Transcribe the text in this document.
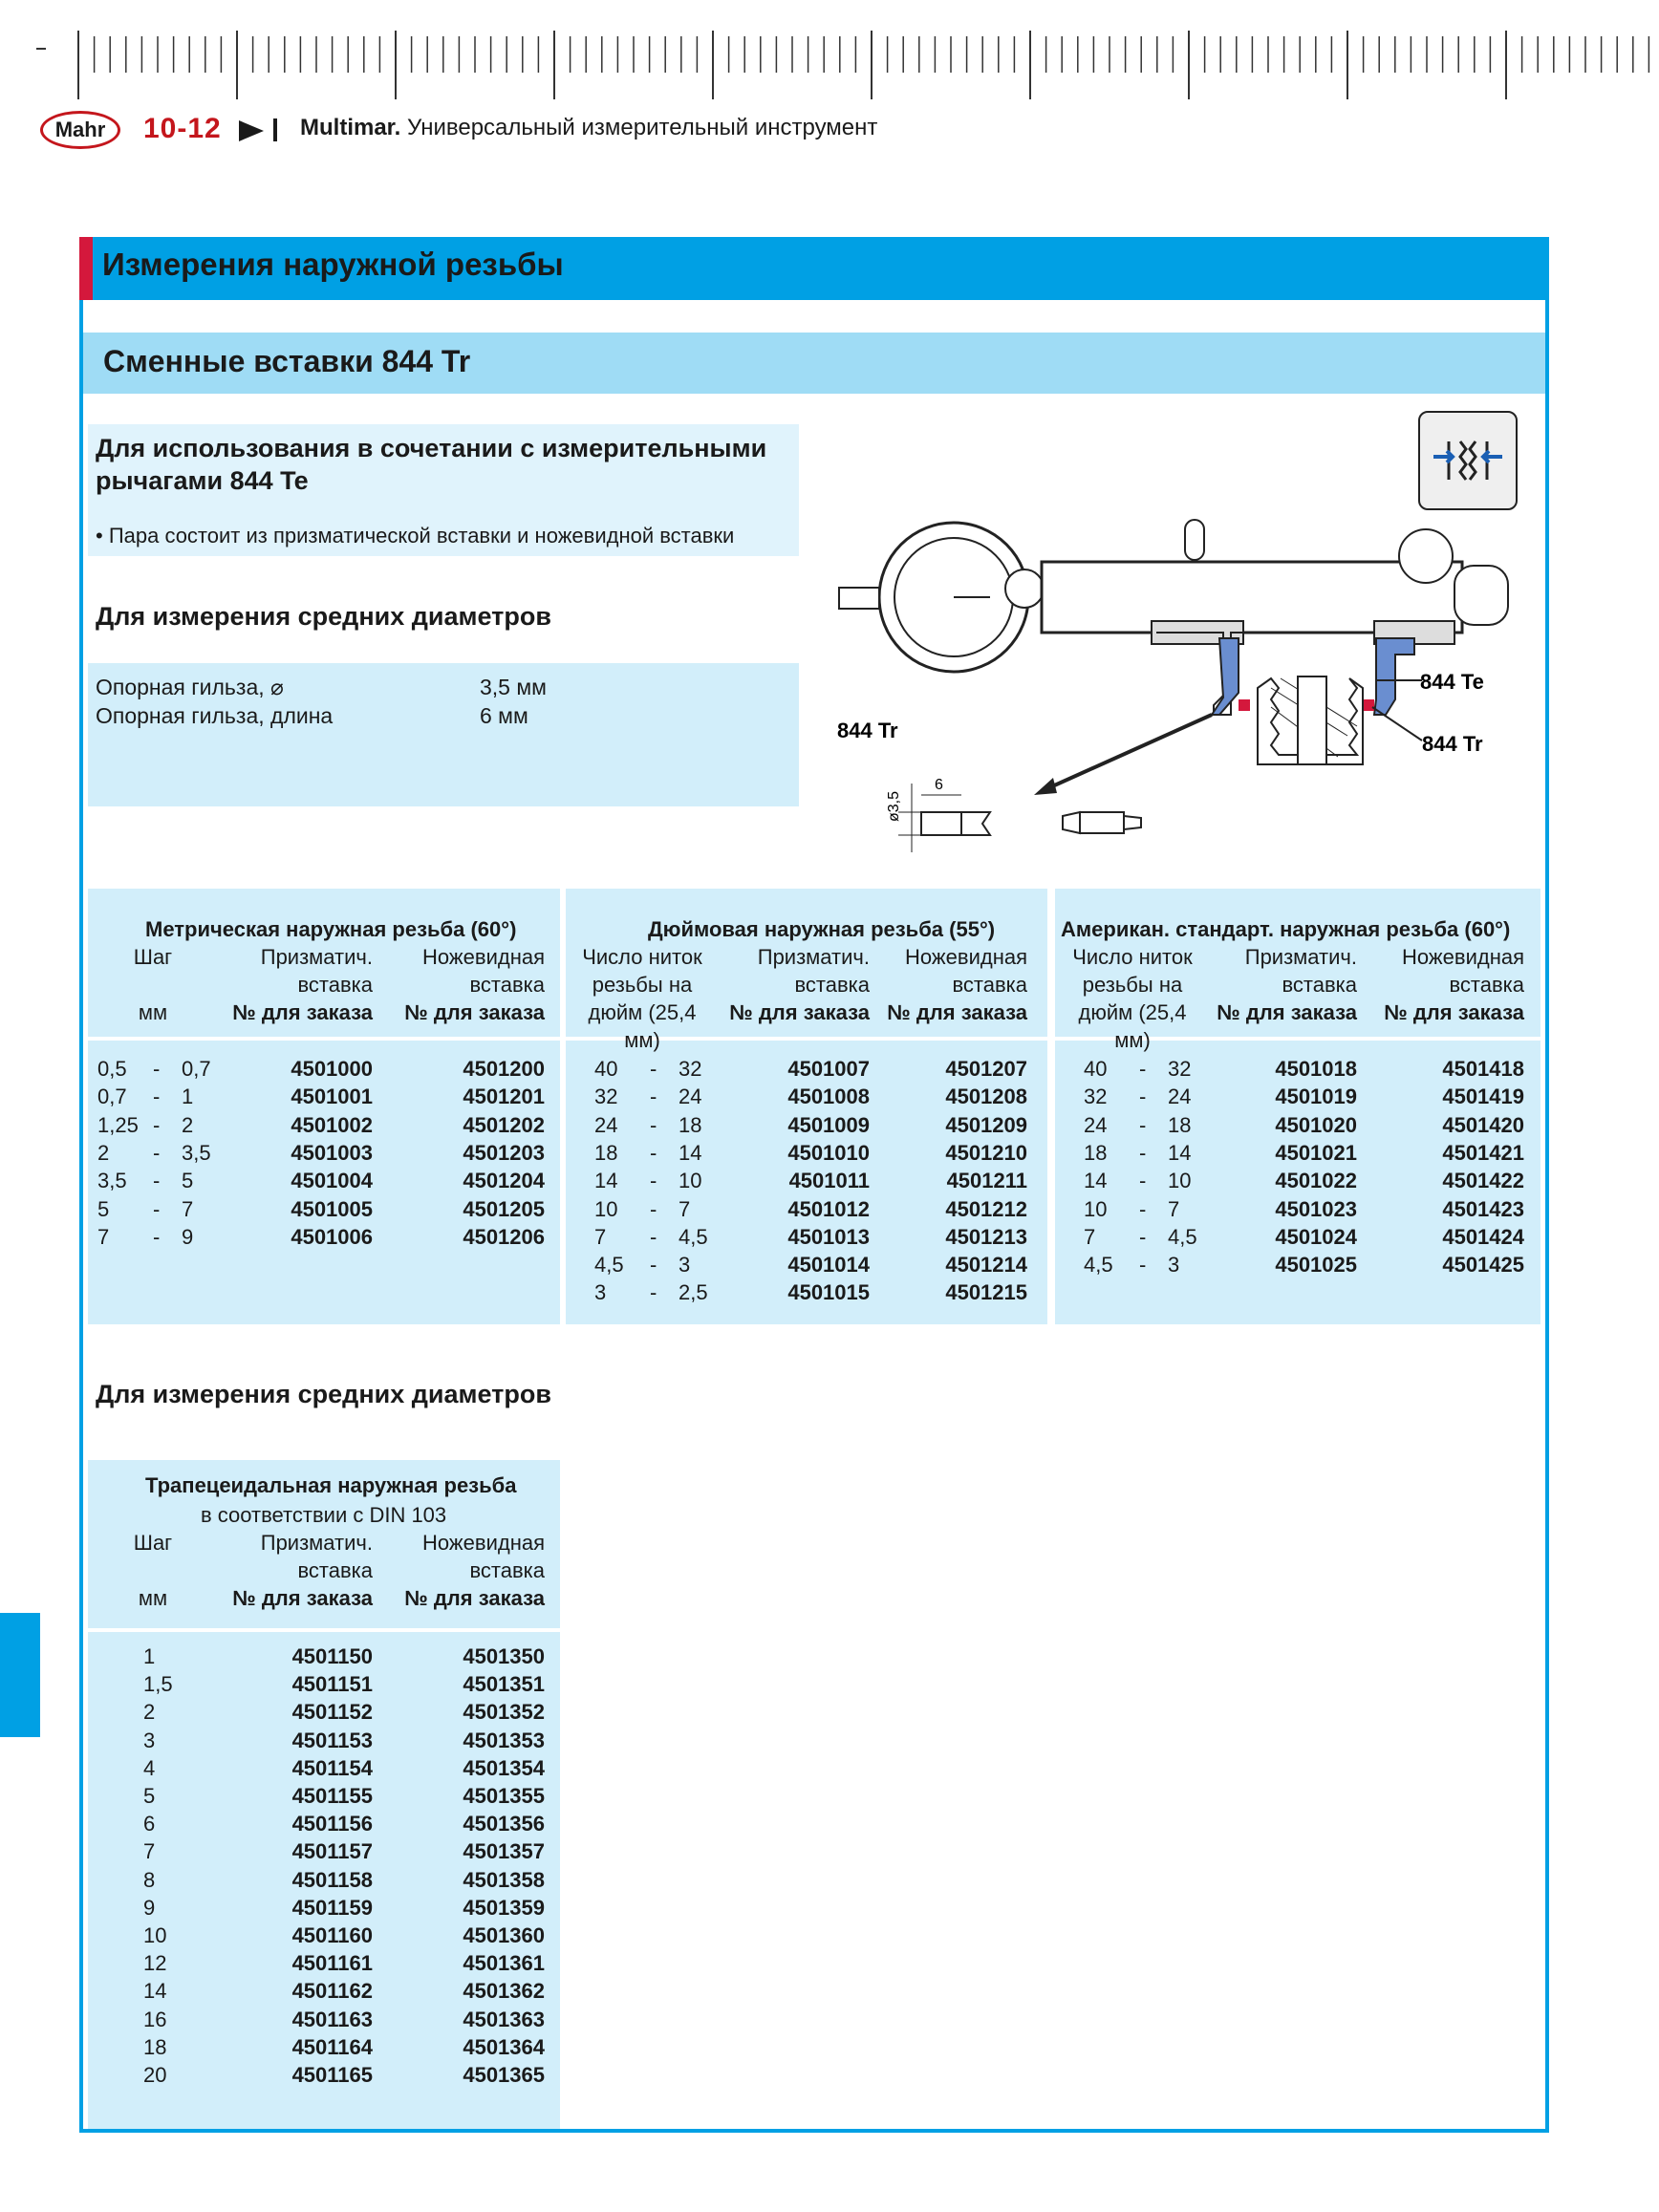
Mahr	10-12	Multimar. Универсальный измерительный инструмент
Измерения наружной резьбы
Сменные вставки 844 Tr
Для использования в сочетании с измерительными рычагами 844 Te
• Пара состоит из призматической вставки и ножевидной вставки
Для измерения средних диаметров
Опорная гильза, ⌀	3,5 мм
Опорная гильза, длина	6 мм
844 Te
844 Tr
844 Tr
6
ø3,5
Для измерения средних диаметров
Метрическая наружная резьба (60°)
Шаг	Призматич.	Ножевидная
вставка	вставка
мм	№ для заказа	№ для заказа
0,5 - 0,7	4501000	4501200
0,7 - 1	4501001	4501201
1,25 - 2	4501002	4501202
2 - 3,5	4501003	4501203
3,5 - 5	4501004	4501204
5 - 7	4501005	4501205
7 - 9	4501006	4501206
Дюймовая наружная резьба (55°)
Число ниток	Призматич.	Ножевидная
резьбы на	вставка	вставка
дюйм (25,4 мм)
№ для заказа № для заказа
40 - 32	4501007	4501207
32 - 24	4501008	4501208
24 - 18	4501009	4501209
18 - 14	4501010	4501210
14 - 10	4501011	4501211
10 - 7	4501012	4501212
7 - 4,5	4501013	4501213
4,5 - 3	4501014	4501214
3 - 2,5	4501015	4501215
Американ. стандарт. наружная резьба (60°)
Число ниток	Призматич.	Ножевидная
резьбы на	вставка	вставка
дюйм (25,4 мм)
№ для заказа	№ для заказа
40 - 32	4501018	4501418
32 - 24	4501019	4501419
24 - 18	4501020	4501420
18 - 14	4501021	4501421
14 - 10	4501022	4501422
10 - 7	4501023	4501423
7 - 4,5	4501024	4501424
4,5 - 3	4501025	4501425
Трапецеидальная наружная резьба
в соответствии с DIN 103
Шаг	Призматич.	Ножевидная
вставка	вставка
мм	№ для заказа	№ для заказа
1	4501150	4501350
1,5	4501151	4501351
2	4501152	4501352
3	4501153	4501353
4	4501154	4501354
5	4501155	4501355
6	4501156	4501356
7	4501157	4501357
8	4501158	4501358
9	4501159	4501359
10	4501160	4501360
12	4501161	4501361
14	4501162	4501362
16	4501163	4501363
18	4501164	4501364
20	4501165	4501365
